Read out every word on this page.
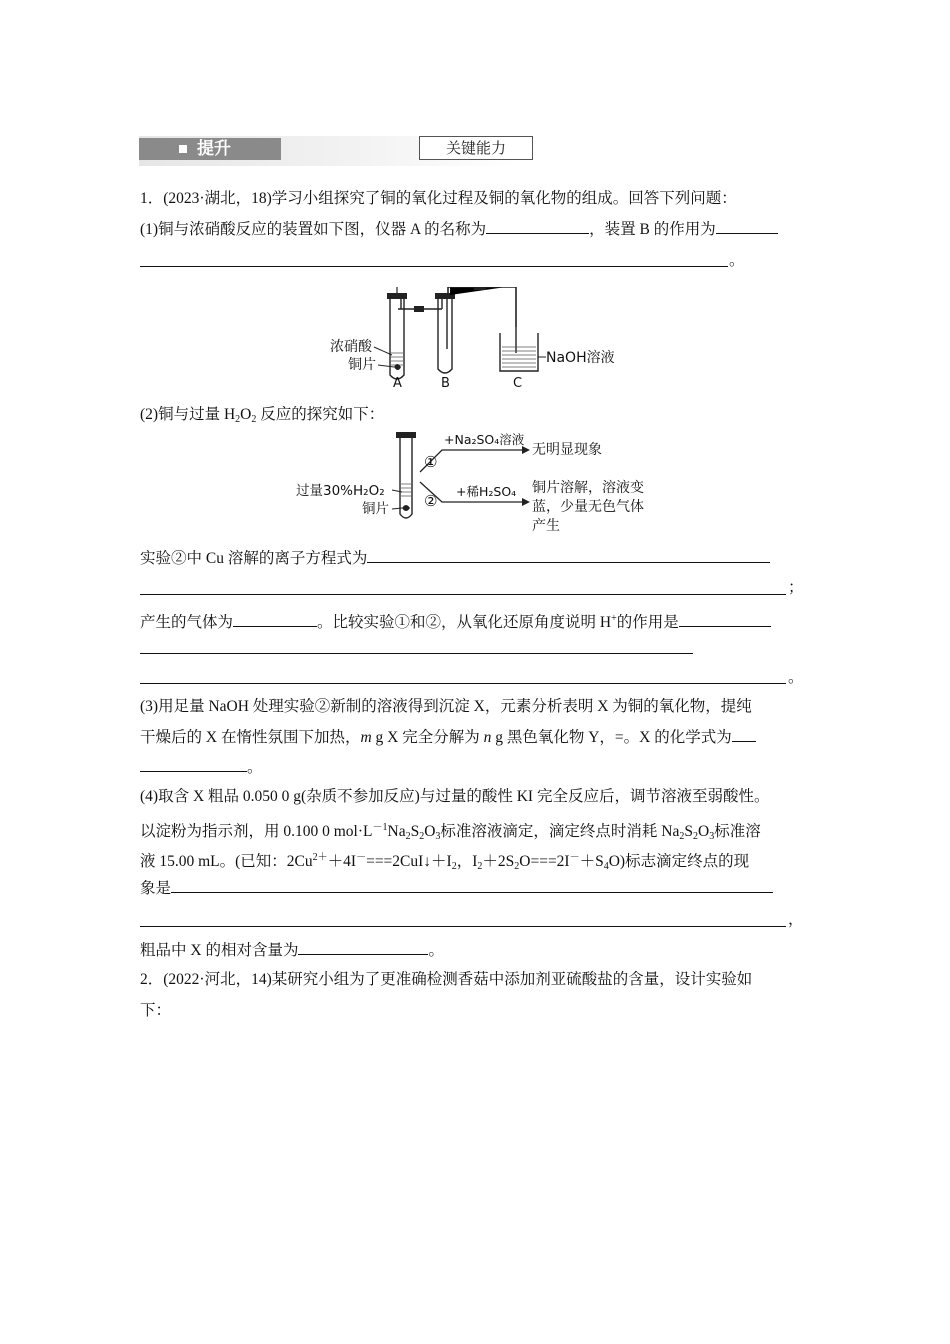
提升	关键能力
1．(2023·湖北，18)学习小组探究了铜的氧化过程及铜的氧化物的组成。回答下列问题：
(1)铜与浓硝酸反应的装置如下图，仪器 A 的名称为	，装置 B 的作用为
。
浓硝酸
铜片	NaOH溶液
A	B	C
(2)铜与过量 $H_2O_2$ 反应的探究如下：
过量30%H₂O₂
铜片
①
②
+Na₂SO₄溶液
无明显现象
+稀H₂SO₄ 铜片溶解，溶液变
蓝，少量无色气体
产生
实验②中 Cu 溶解的离子方程式为
；
产生的气体为	。比较实验①和②，从氧化还原角度说明 H+的作用是
。
(3)用足量 NaOH 处理实验②新制的溶液得到沉淀 X，元素分析表明 X 为铜的氧化物，提纯
干燥后的 X 在惰性氛围下加热，m g X 完全分解为 n g 黑色氧化物 Y，=。X 的化学式为
。
(4)取含 X 粗品 0.050 0 g(杂质不参加反应)与过量的酸性 KI 完全反应后，调节溶液至弱酸性。
以淀粉为指示剂，用 0.100 0 $mol\cdot L^{-1}Na_2S_2O_3$标准溶液滴定，滴定终点时消耗 $Na_2S_2O_3$标准溶
液 15.00 mL。(已知：$2Cu^{2+}+4I^-===2CuI↓+I_2$，$I_2+2S_2O===2I^-+S_4O$)标志滴定终点的现
象是
，
粗品中 X 的相对含量为	。
2．(2022·河北，14)某研究小组为了更准确检测香菇中添加剂亚硫酸盐的含量，设计实验如
下：
